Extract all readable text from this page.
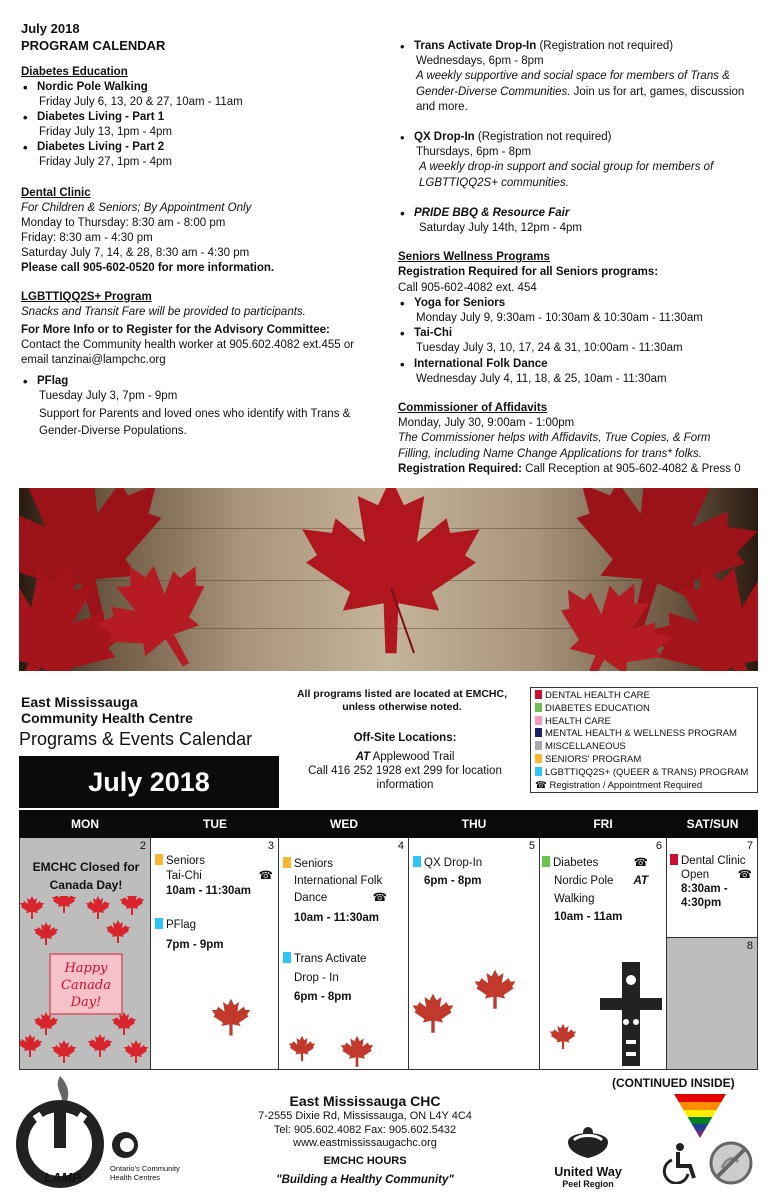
July 2018
PROGRAM CALENDAR
Diabetes Education
• Nordic Pole Walking
Friday July 6, 13, 20 & 27, 10am - 11am
• Diabetes Living - Part 1
Friday July 13, 1pm - 4pm
• Diabetes Living - Part 2
Friday July 27, 1pm - 4pm
Dental Clinic
For Children & Seniors; By Appointment Only
Monday to Thursday: 8:30 am - 8:00 pm
Friday: 8:30 am - 4:30 pm
Saturday July 7, 14, & 28, 8:30 am - 4:30 pm
Please call 905-602-0520 for more information.
LGBTTIQQ2S+ Program
Snacks and Transit Fare will be provided to participants.
For More Info or to Register for the Advisory Committee:
Contact the Community health worker at 905.602.4082 ext.455 or
email tanzinai@lampchc.org
• PFlag
Tuesday July 3, 7pm - 9pm
Support for Parents and loved ones who identify with Trans &
Gender-Diverse Populations.
• Trans Activate Drop-In (Registration not required)
Wednesdays, 6pm - 8pm
A weekly supportive and social space for members of Trans &
Gender-Diverse Communities. Join us for art, games, discussion
and more.
• QX Drop-In (Registration not required)
Thursdays, 6pm - 8pm
A weekly drop-in support and social group for members of
LGBTTIQQ2S+ communities.
• PRIDE BBQ & Resource Fair
Saturday July 14th, 12pm - 4pm
Seniors Wellness Programs
Registration Required for all Seniors programs:
Call 905-602-4082 ext. 454
• Yoga for Seniors
Monday July 9, 9:30am - 10:30am & 10:30am - 11:30am
• Tai-Chi
Tuesday July 3, 10, 17, 24 & 31, 10:00am - 11:30am
• International Folk Dance
Wednesday July 4, 11, 18, & 25, 10am - 11:30am
Commissioner of Affidavits
Monday, July 30, 9:00am - 1:00pm
The Commissioner helps with Affidavits, True Copies, & Form
Filling, including Name Change Applications for trans* folks.
Registration Required: Call Reception at 905-602-4082 & Press 0
East Mississauga
Community Health Centre
Programs & Events Calendar
All programs listed are located at EMCHC,
unless otherwise noted.
Off-Site Locations:
AT Applewood Trail
Call 416 252 1928 ext 299 for location
information
DENTAL HEALTH CARE
DIABETES EDUCATION
HEALTH CARE
MENTAL HEALTH & WELLNESS PROGRAM
MISCELLANEOUS
SENIORS' PROGRAM
LGBTTIQQ2S+ (QUEER & TRANS) PROGRAM
☎ Registration / Appointment Required
July 2018
MON	TUE	WED	THU	FRI	SAT/SUN
2
EMCHC Closed for
Canada Day!
Happy
Canada Day!
3
Seniors
Tai-Chi	☎
10am - 11:30am
PFlag
7pm - 9pm
4
Seniors
International Folk
Dance	☎
10am - 11:30am
Trans Activate
Drop - In
6pm - 8pm
5
QX Drop-In
6pm - 8pm
6
Diabetes	☎
Nordic Pole AT
Walking
10am - 11am
7
Dental Clinic
Open ☎
8:30am -
4:30pm
8
(CONTINUED INSIDE)
LAMP
Ontario's Community
Health Centres
East Mississauga CHC
7-2555 Dixie Rd, Mississauga, ON L4Y 4C4
Tel: 905.602.4082 Fax: 905.602.5432
www.eastmississaugachc.org
EMCHC HOURS
"Building a Healthy Community"
United Way
Peel Region
